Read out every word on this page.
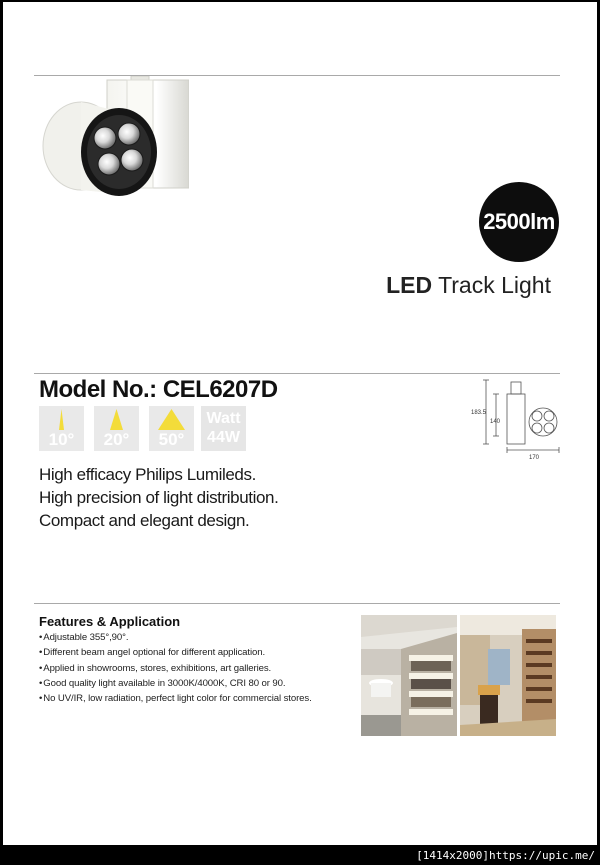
2500lm
LED Track Light
Model No.: CEL6207D
10°	20°	50°
Watt
44W
183.5
140
170
High efficacy Philips Lumileds.
High precision of light distribution.
Compact and elegant design.
Features & Application
• Adjustable 355°,90°.
• Different beam angel optional for different application.
• Applied in showrooms, stores, exhibitions, art galleries.
• Good quality light available in 3000K/4000K, CRI 80 or 90.
• No UV/IR, low radiation, perfect light color for commercial stores.
[1414x2000]https://upic.me/
